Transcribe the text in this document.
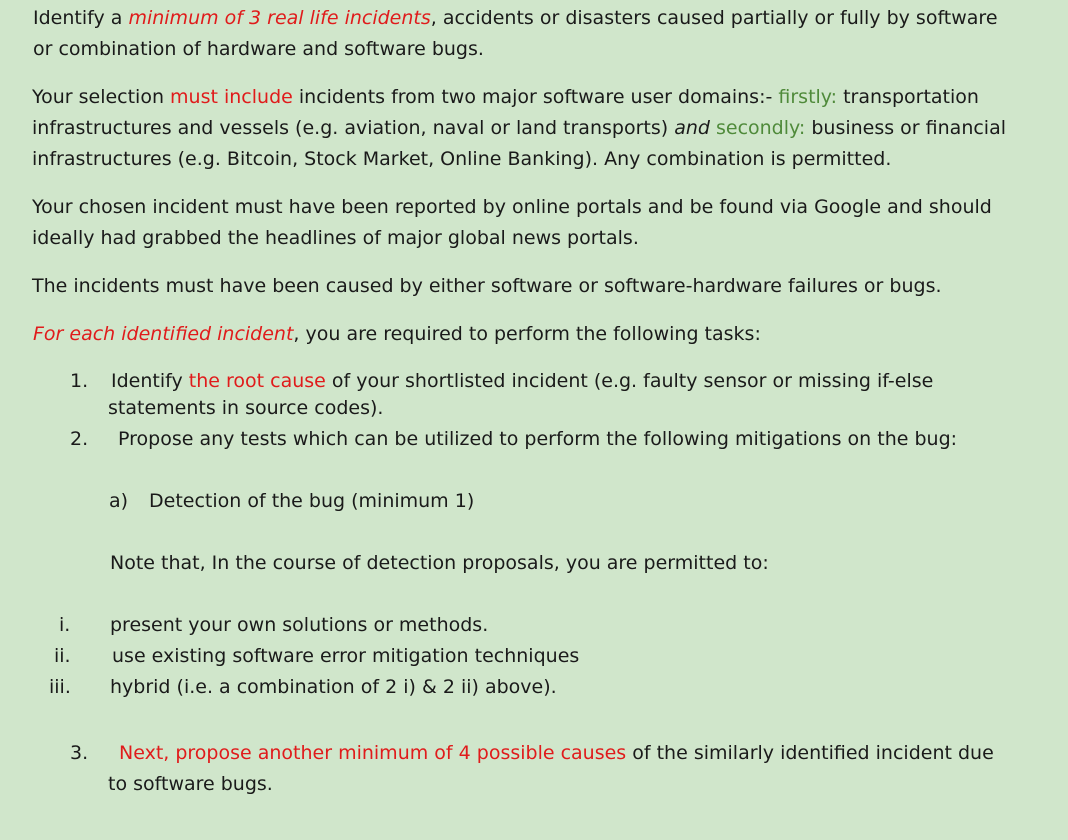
Identify a minimum of 3 real life incidents, accidents or disasters caused partially or fully by software
or combination of hardware and software bugs.
Your selection must include incidents from two major software user domains:- firstly: transportation
infrastructures and vessels (e.g. aviation, naval or land transports) and secondly: business or financial
infrastructures (e.g. Bitcoin, Stock Market, Online Banking). Any combination is permitted.
Your chosen incident must have been reported by online portals and be found via Google and should
ideally had grabbed the headlines of major global news portals.
The incidents must have been caused by either software or software-hardware failures or bugs.
For each identified incident, you are required to perform the following tasks:
1. Identify the root cause of your shortlisted incident (e.g. faulty sensor or missing if-else
statements in source codes).
2. Propose any tests which can be utilized to perform the following mitigations on the bug:
a) Detection of the bug (minimum 1)
Note that, In the course of detection proposals, you are permitted to:
i. present your own solutions or methods.
ii. use existing software error mitigation techniques
iii. hybrid (i.e. a combination of 2 i) & 2 ii) above).
3. Next, propose another minimum of 4 possible causes of the similarly identified incident due
to software bugs.
